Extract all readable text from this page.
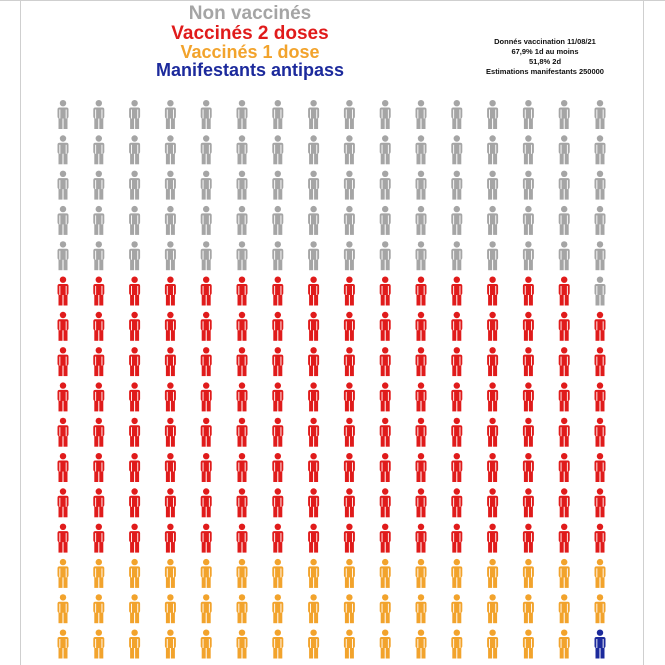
Non vaccinés
Vaccinés 2 doses
Vaccinés 1 dose
Manifestants antipass
Donnés vaccination 11/08/21
67,9% 1d au moins
51,8% 2d
Estimations manifestants 250000
